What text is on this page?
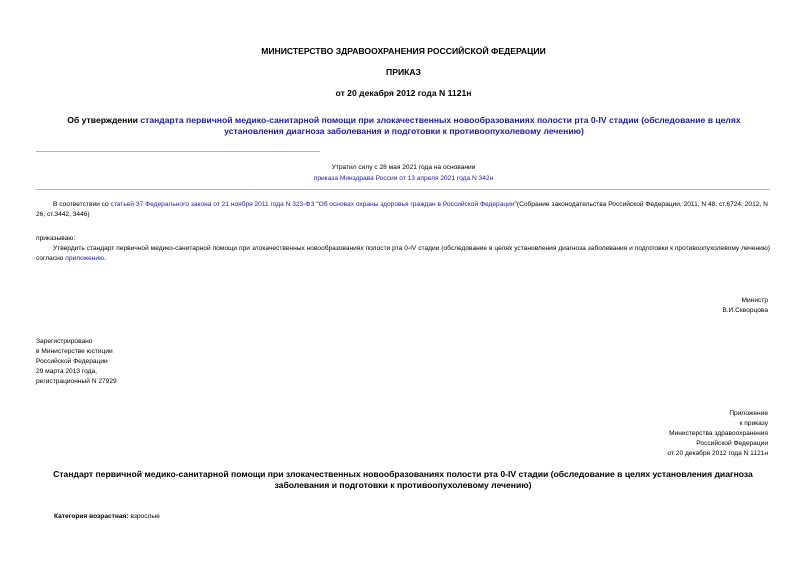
МИНИСТЕРСТВО ЗДРАВООХРАНЕНИЯ РОССИЙСКОЙ ФЕДЕРАЦИИ
ПРИКАЗ
от 20 декабря 2012 года N 1121н
Об утверждении стандарта первичной медико-санитарной помощи при злокачественных новообразованиях полости рта 0-IV стадии (обследование в целях установления диагноза заболевания и подготовки к противоопухолевому лечению)
Утратил силу с 28 мая 2021 года на основании
приказа Минздрава России от 13 апреля 2021 года N 342н
В соответствии со статьей 37 Федерального закона от 21 ноября 2011 года N 323-ФЗ "Об основах охраны здоровья граждан в Российской Федерации"(Собрание законодательства Российской Федерации, 2011, N 48, ст.6724; 2012, N 26, ст.3442, 3446)
приказываю:
Утвердить стандарт первичной медико-санитарной помощи при злокачественных новообразованиях полости рта 0-IV стадии (обследование в целях установления диагноза заболевания и подготовки к противоопухолевому лечению) согласно приложению.
Министр
В.И.Скворцова
Зарегистрировано
в Министерстве юстиции
Российской Федерации
29 марта 2013 года,
регистрационный N 27929
Приложение
к приказу
Министерства здравоохранения
Российской Федерации
от 20 декабря 2012 года N 1121н
Стандарт первичной медико-санитарной помощи при злокачественных новообразованиях полости рта 0-IV стадии (обследование в целях установления диагноза заболевания и подготовки к противоопухолевому лечению)
Категория возрастная: взрослые
